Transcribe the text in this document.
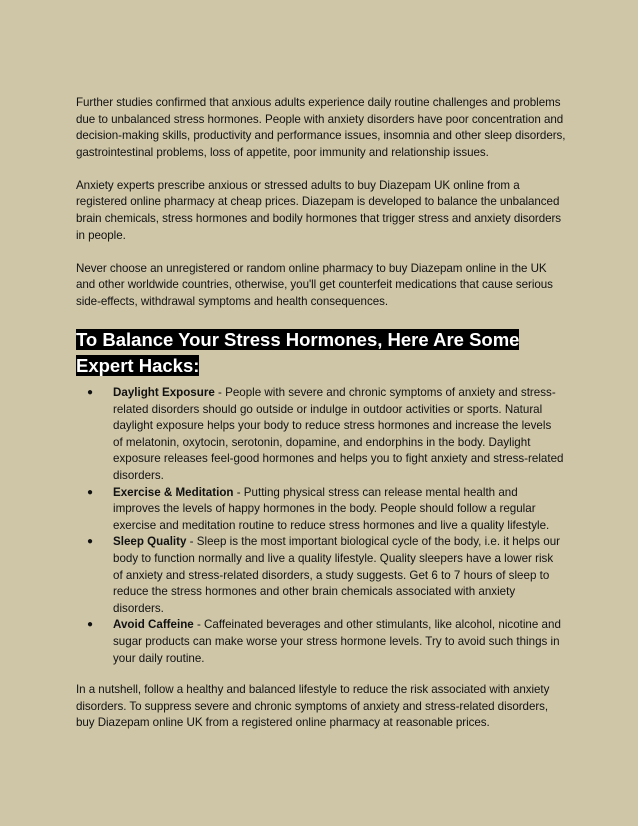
Further studies confirmed that anxious adults experience daily routine challenges and problems due to unbalanced stress hormones. People with anxiety disorders have poor concentration and decision-making skills, productivity and performance issues, insomnia and other sleep disorders, gastrointestinal problems, loss of appetite, poor immunity and relationship issues.

Anxiety experts prescribe anxious or stressed adults to buy Diazepam UK online from a registered online pharmacy at cheap prices. Diazepam is developed to balance the unbalanced brain chemicals, stress hormones and bodily hormones that trigger stress and anxiety disorders in people.

Never choose an unregistered or random online pharmacy to buy Diazepam online in the UK and other worldwide countries, otherwise, you'll get counterfeit medications that cause serious side-effects, withdrawal symptoms and health consequences.

To Balance Your Stress Hormones, Here Are Some Expert Hacks:
● Daylight Exposure - People with severe and chronic symptoms of anxiety and stress-related disorders should go outside or indulge in outdoor activities or sports. Natural daylight exposure helps your body to reduce stress hormones and increase the levels of melatonin, oxytocin, serotonin, dopamine, and endorphins in the body. Daylight exposure releases feel-good hormones and helps you to fight anxiety and stress-related disorders.
● Exercise & Meditation - Putting physical stress can release mental health and improves the levels of happy hormones in the body. People should follow a regular exercise and meditation routine to reduce stress hormones and live a quality lifestyle.
● Sleep Quality - Sleep is the most important biological cycle of the body, i.e. it helps our body to function normally and live a quality lifestyle. Quality sleepers have a lower risk of anxiety and stress-related disorders, a study suggests. Get 6 to 7 hours of sleep to reduce the stress hormones and other brain chemicals associated with anxiety disorders.
● Avoid Caffeine - Caffeinated beverages and other stimulants, like alcohol, nicotine and sugar products can make worse your stress hormone levels. Try to avoid such things in your daily routine.

In a nutshell, follow a healthy and balanced lifestyle to reduce the risk associated with anxiety disorders. To suppress severe and chronic symptoms of anxiety and stress-related disorders, buy Diazepam online UK from a registered online pharmacy at reasonable prices.
